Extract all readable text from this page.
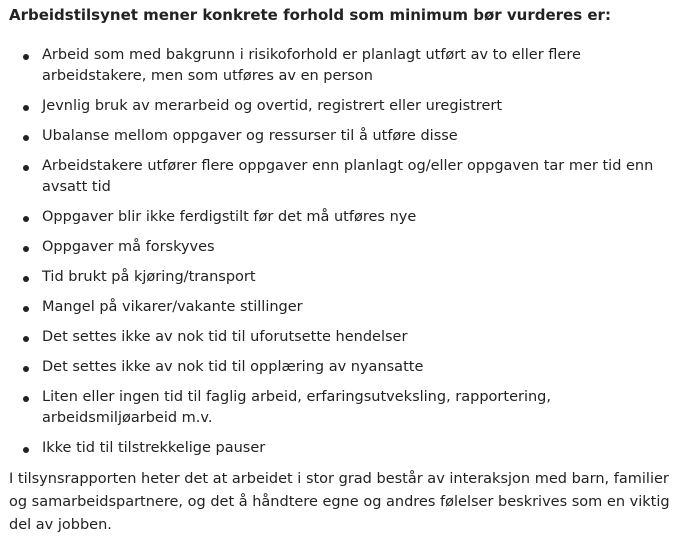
Arbeidstilsynet mener konkrete forhold som minimum bør vurderes er:

Arbeid som med bakgrunn i risikoforhold er planlagt utført av to eller flere arbeidstakere, men som utføres av en person
Jevnlig bruk av merarbeid og overtid, registrert eller uregistrert
Ubalanse mellom oppgaver og ressurser til å utføre disse
Arbeidstakere utfører flere oppgaver enn planlagt og/eller oppgaven tar mer tid enn avsatt tid
Oppgaver blir ikke ferdigstilt før det må utføres nye
Oppgaver må forskyves
Tid brukt på kjøring/transport
Mangel på vikarer/vakante stillinger
Det settes ikke av nok tid til uforutsette hendelser
Det settes ikke av nok tid til opplæring av nyansatte
Liten eller ingen tid til faglig arbeid, erfaringsutveksling, rapportering, arbeidsmiljøarbeid m.v.
Ikke tid til tilstrekkelige pauser

I tilsynsrapporten heter det at arbeidet i stor grad består av interaksjon med barn, familier og samarbeidspartnere, og det å håndtere egne og andres følelser beskrives som en viktig del av jobben.
